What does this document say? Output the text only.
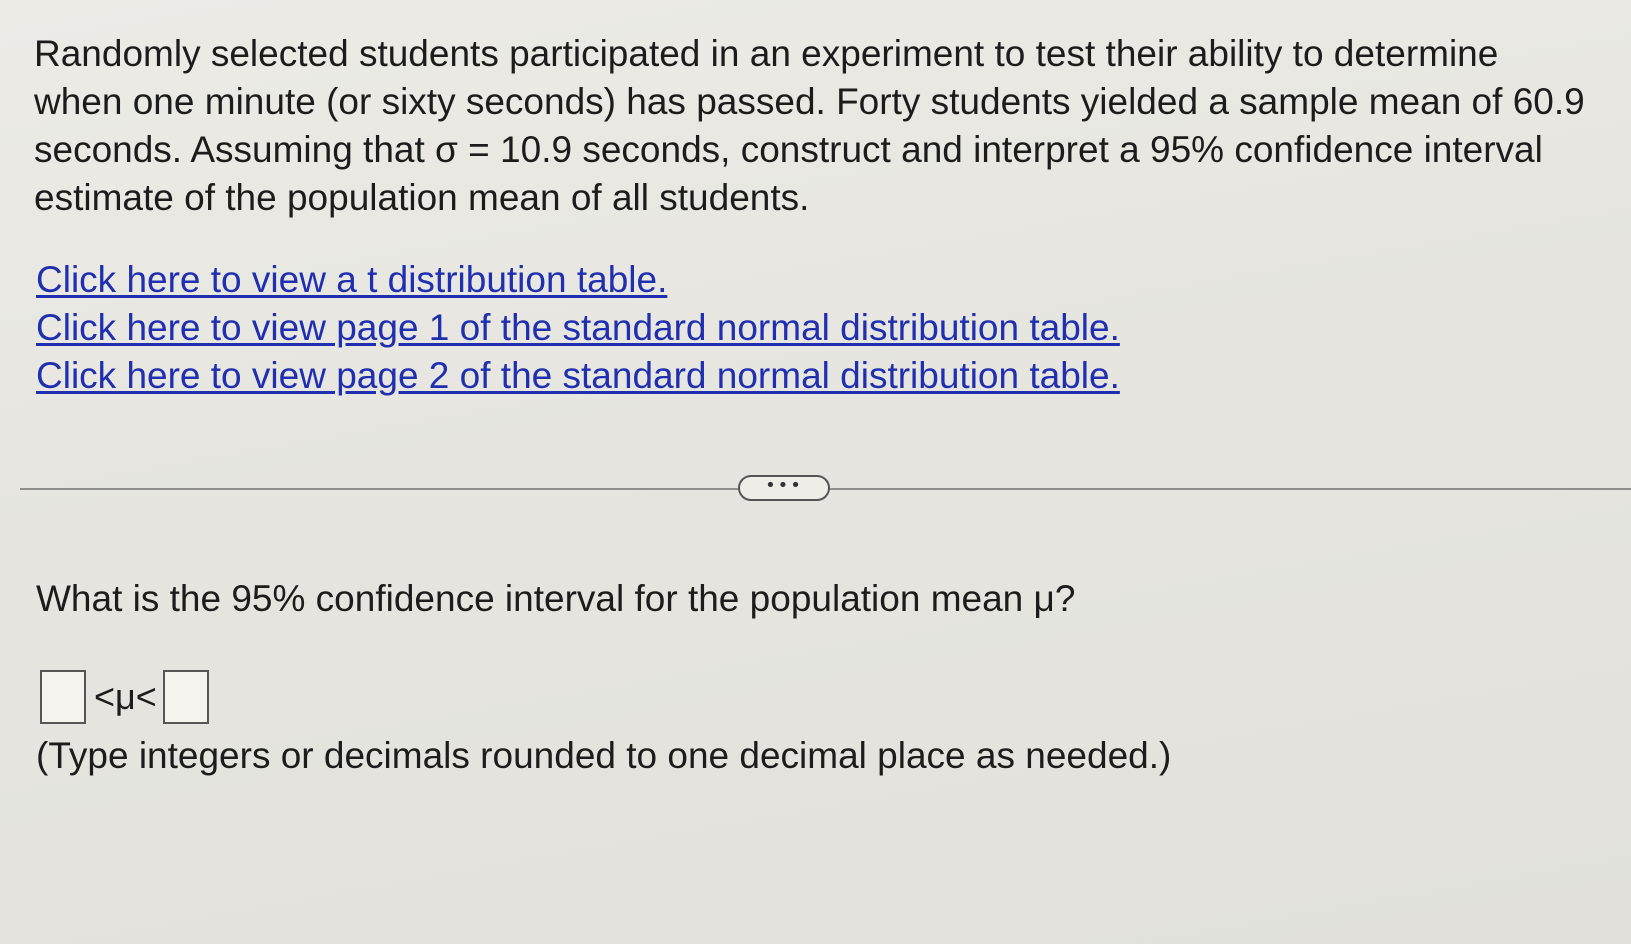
Randomly selected students participated in an experiment to test their ability to determine when one minute (or sixty seconds) has passed. Forty students yielded a sample mean of 60.9 seconds. Assuming that σ = 10.9 seconds, construct and interpret a 95% confidence interval estimate of the population mean of all students.

Click here to view a t distribution table.
Click here to view page 1 of the standard normal distribution table.
Click here to view page 2 of the standard normal distribution table.
•••

What is the 95% confidence interval for the population mean μ?

<μ<

(Type integers or decimals rounded to one decimal place as needed.)
